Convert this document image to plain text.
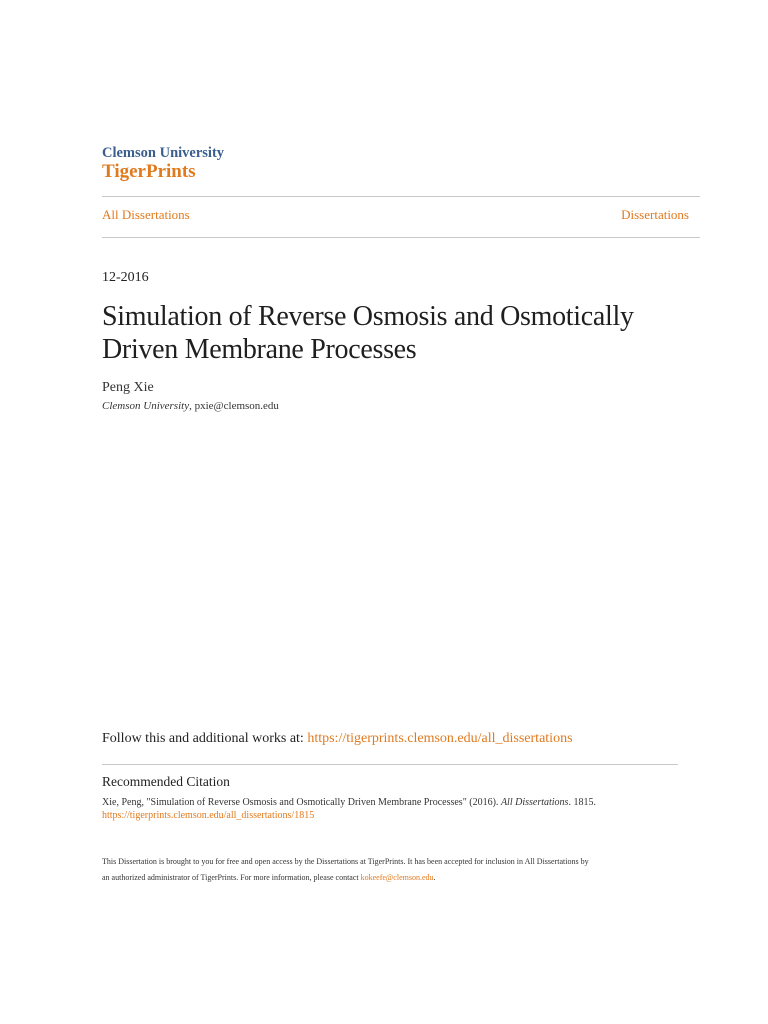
Clemson University
TigerPrints
All Dissertations	Dissertations
12-2016
Simulation of Reverse Osmosis and Osmotically Driven Membrane Processes
Peng Xie
Clemson University, pxie@clemson.edu
Follow this and additional works at: https://tigerprints.clemson.edu/all_dissertations
Recommended Citation
Xie, Peng, "Simulation of Reverse Osmosis and Osmotically Driven Membrane Processes" (2016). All Dissertations. 1815.
https://tigerprints.clemson.edu/all_dissertations/1815
This Dissertation is brought to you for free and open access by the Dissertations at TigerPrints. It has been accepted for inclusion in All Dissertations by
an authorized administrator of TigerPrints. For more information, please contact kokeefe@clemson.edu.
